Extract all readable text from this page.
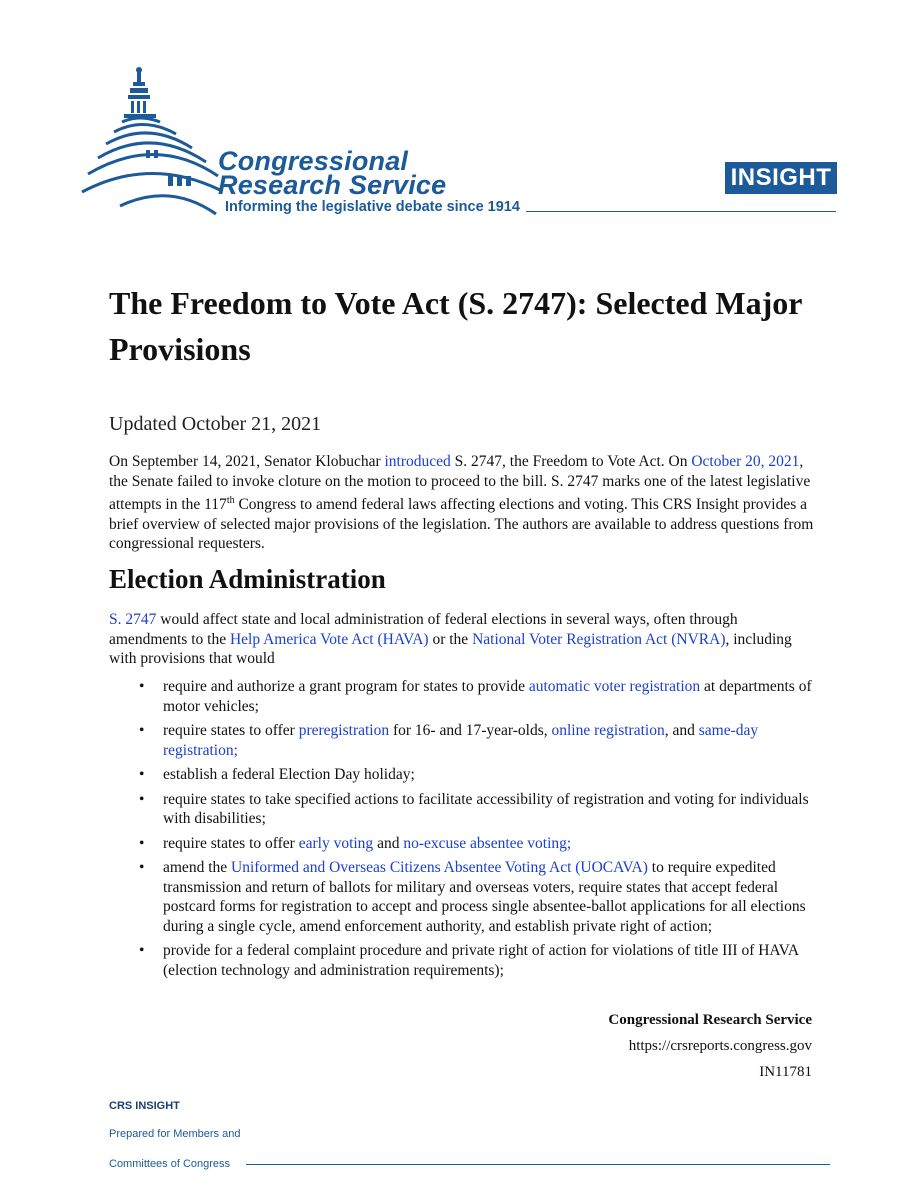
Congressional
Research Service
Informing the legislative debate since 1914
INSIGHT
The Freedom to Vote Act (S. 2747): Selected Major Provisions
Updated October 21, 2021

On September 14, 2021, Senator Klobuchar introduced S. 2747, the Freedom to Vote Act. On October 20, 2021, the Senate failed to invoke cloture on the motion to proceed to the bill. S. 2747 marks one of the latest legislative attempts in the 117th Congress to amend federal laws affecting elections and voting. This CRS Insight provides a brief overview of selected major provisions of the legislation. The authors are available to address questions from congressional requesters.

Election Administration

S. 2747 would affect state and local administration of federal elections in several ways, often through amendments to the Help America Vote Act (HAVA) or the National Voter Registration Act (NVRA), including with provisions that would

• require and authorize a grant program for states to provide automatic voter registration at departments of motor vehicles;
• require states to offer preregistration for 16- and 17-year-olds, online registration, and same-day registration;
• establish a federal Election Day holiday;
• require states to take specified actions to facilitate accessibility of registration and voting for individuals with disabilities;
• require states to offer early voting and no-excuse absentee voting;
• amend the Uniformed and Overseas Citizens Absentee Voting Act (UOCAVA) to require expedited transmission and return of ballots for military and overseas voters, require states that accept federal postcard forms for registration to accept and process single absentee-ballot applications for all elections during a single cycle, amend enforcement authority, and establish private right of action;
• provide for a federal complaint procedure and private right of action for violations of title III of HAVA (election technology and administration requirements);
Congressional Research Service
https://crsreports.congress.gov
IN11781
CRS INSIGHT
Prepared for Members and
Committees of Congress
